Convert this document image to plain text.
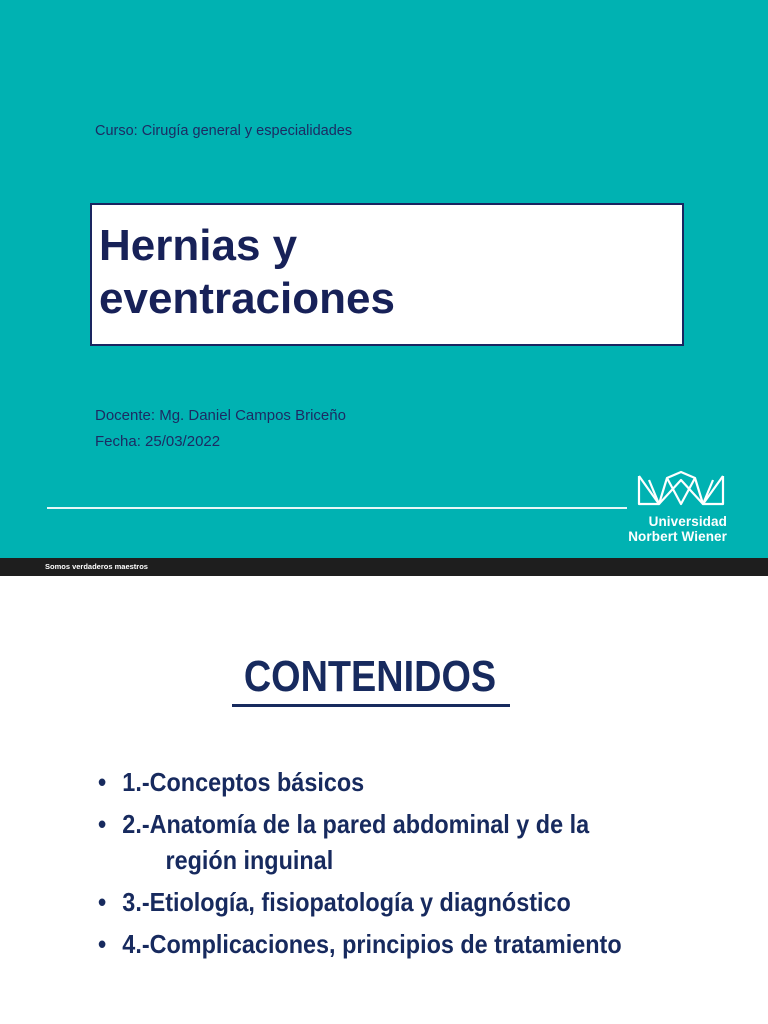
Curso: Cirugía general y especialidades
Hernias y
eventraciones
Docente: Mg. Daniel Campos Briceño
Fecha: 25/03/2022
Universidad
Norbert Wiener
Somos verdaderos maestros
CONTENIDOS
• 1.-Conceptos básicos
• 2.-Anatomía de la pared abdominal y de la
región inguinal
• 3.-Etiología, fisiopatología y diagnóstico
• 4.-Complicaciones, principios de tratamiento
